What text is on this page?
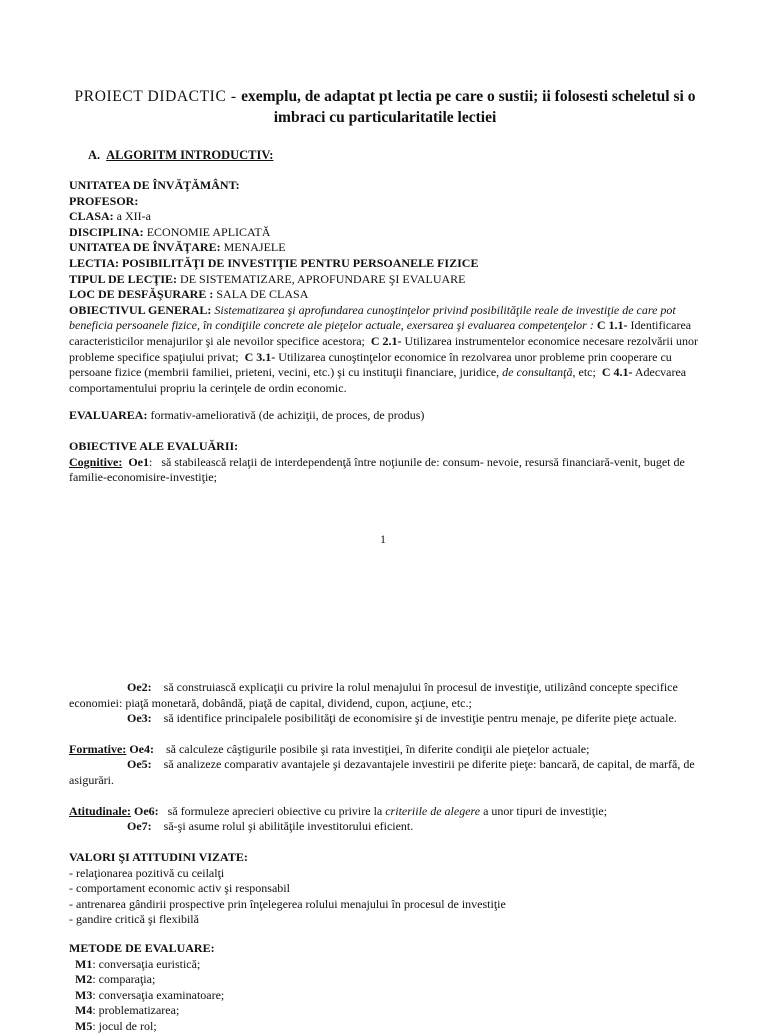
PROIECT DIDACTIC - exemplu, de adaptat pt lectia pe care o sustii; ii folosesti scheletul si o
imbraci cu particularitatile lectiei
A. ALGORITM INTRODUCTIV:
UNITATEA DE ÎNVĂŢĂMÂNT:
PROFESOR:
CLASA: a XII-a
DISCIPLINA: ECONOMIE APLICATĂ
UNITATEA DE ÎNVĂŢARE: MENAJELE
LECTIA: POSIBILITĂŢI DE INVESTIŢIE PENTRU PERSOANELE FIZICE
TIPUL DE LECŢIE: DE SISTEMATIZARE, APROFUNDARE ŞI EVALUARE
LOC DE DESFĂŞURARE : SALA DE CLASA
OBIECTIVUL GENERAL: Sistematizarea şi aprofundarea cunoştinţelor privind posibilităţile reale de investiţie de care pot
beneficia persoanele fizice, în condiţiile concrete ale pieţelor actuale, exersarea şi evaluarea competenţelor : C 1.1- Identificarea
caracteristicilor menajurilor şi ale nevoilor specifice acestora; C 2.1- Utilizarea instrumentelor economice necesare rezolvării unor
probleme specifice spaţiului privat; C 3.1- Utilizarea cunoştinţelor economice în rezolvarea unor probleme prin cooperare cu
persoane fizice (membrii familiei, prieteni, vecini, etc.) şi cu instituţii financiare, juridice, de consultanţă, etc; C 4.1- Adecvarea
comportamentului propriu la cerinţele de ordin economic.
EVALUAREA: formativ-ameliorativă (de achiziţii, de proces, de produs)
OBIECTIVE ALE EVALUĂRII:
Cognitive: Oe1:   să stabilească relaţii de interdependenţă între noţiunile de: consum- nevoie, resursă financiară-venit, buget de
familie-economisire-investiţie;
1
Oe2: să construiască explicaţii cu privire la rolul menajului în procesul de investiţie, utilizând concepte specifice
economiei: piaţă monetară, dobândă, piaţă de capital, dividend, cupon, acţiune, etc.;
Oe3: să identifice principalele posibilităţi de economisire şi de investiţie pentru menaje, pe diferite pieţe actuale.
Formative: Oe4: să calculeze câştigurile posibile şi rata investiţiei, în diferite condiţii ale pieţelor actuale;
Oe5: să analizeze comparativ avantajele şi dezavantajele investirii pe diferite pieţe: bancară, de capital, de marfă, de
asigurări.
Atitudinale: Oe6: să formuleze aprecieri obiective cu privire la criteriile de alegere a unor tipuri de investiţie;
Oe7: să-şi asume rolul şi abilităţile investitorului eficient.
VALORI ŞI ATITUDINI VIZATE:
- relaţionarea pozitivă cu ceilalţi
- comportament economic activ şi responsabil
- antrenarea gândirii prospective prin înţelegerea rolului menajului în procesul de investiţie
- gandire critică şi flexibilă
METODE DE EVALUARE:
M1: conversaţia euristică;
M2: comparaţia;
M3: conversaţia examinatoare;
M4: problematizarea;
M5: jocul de rol;
